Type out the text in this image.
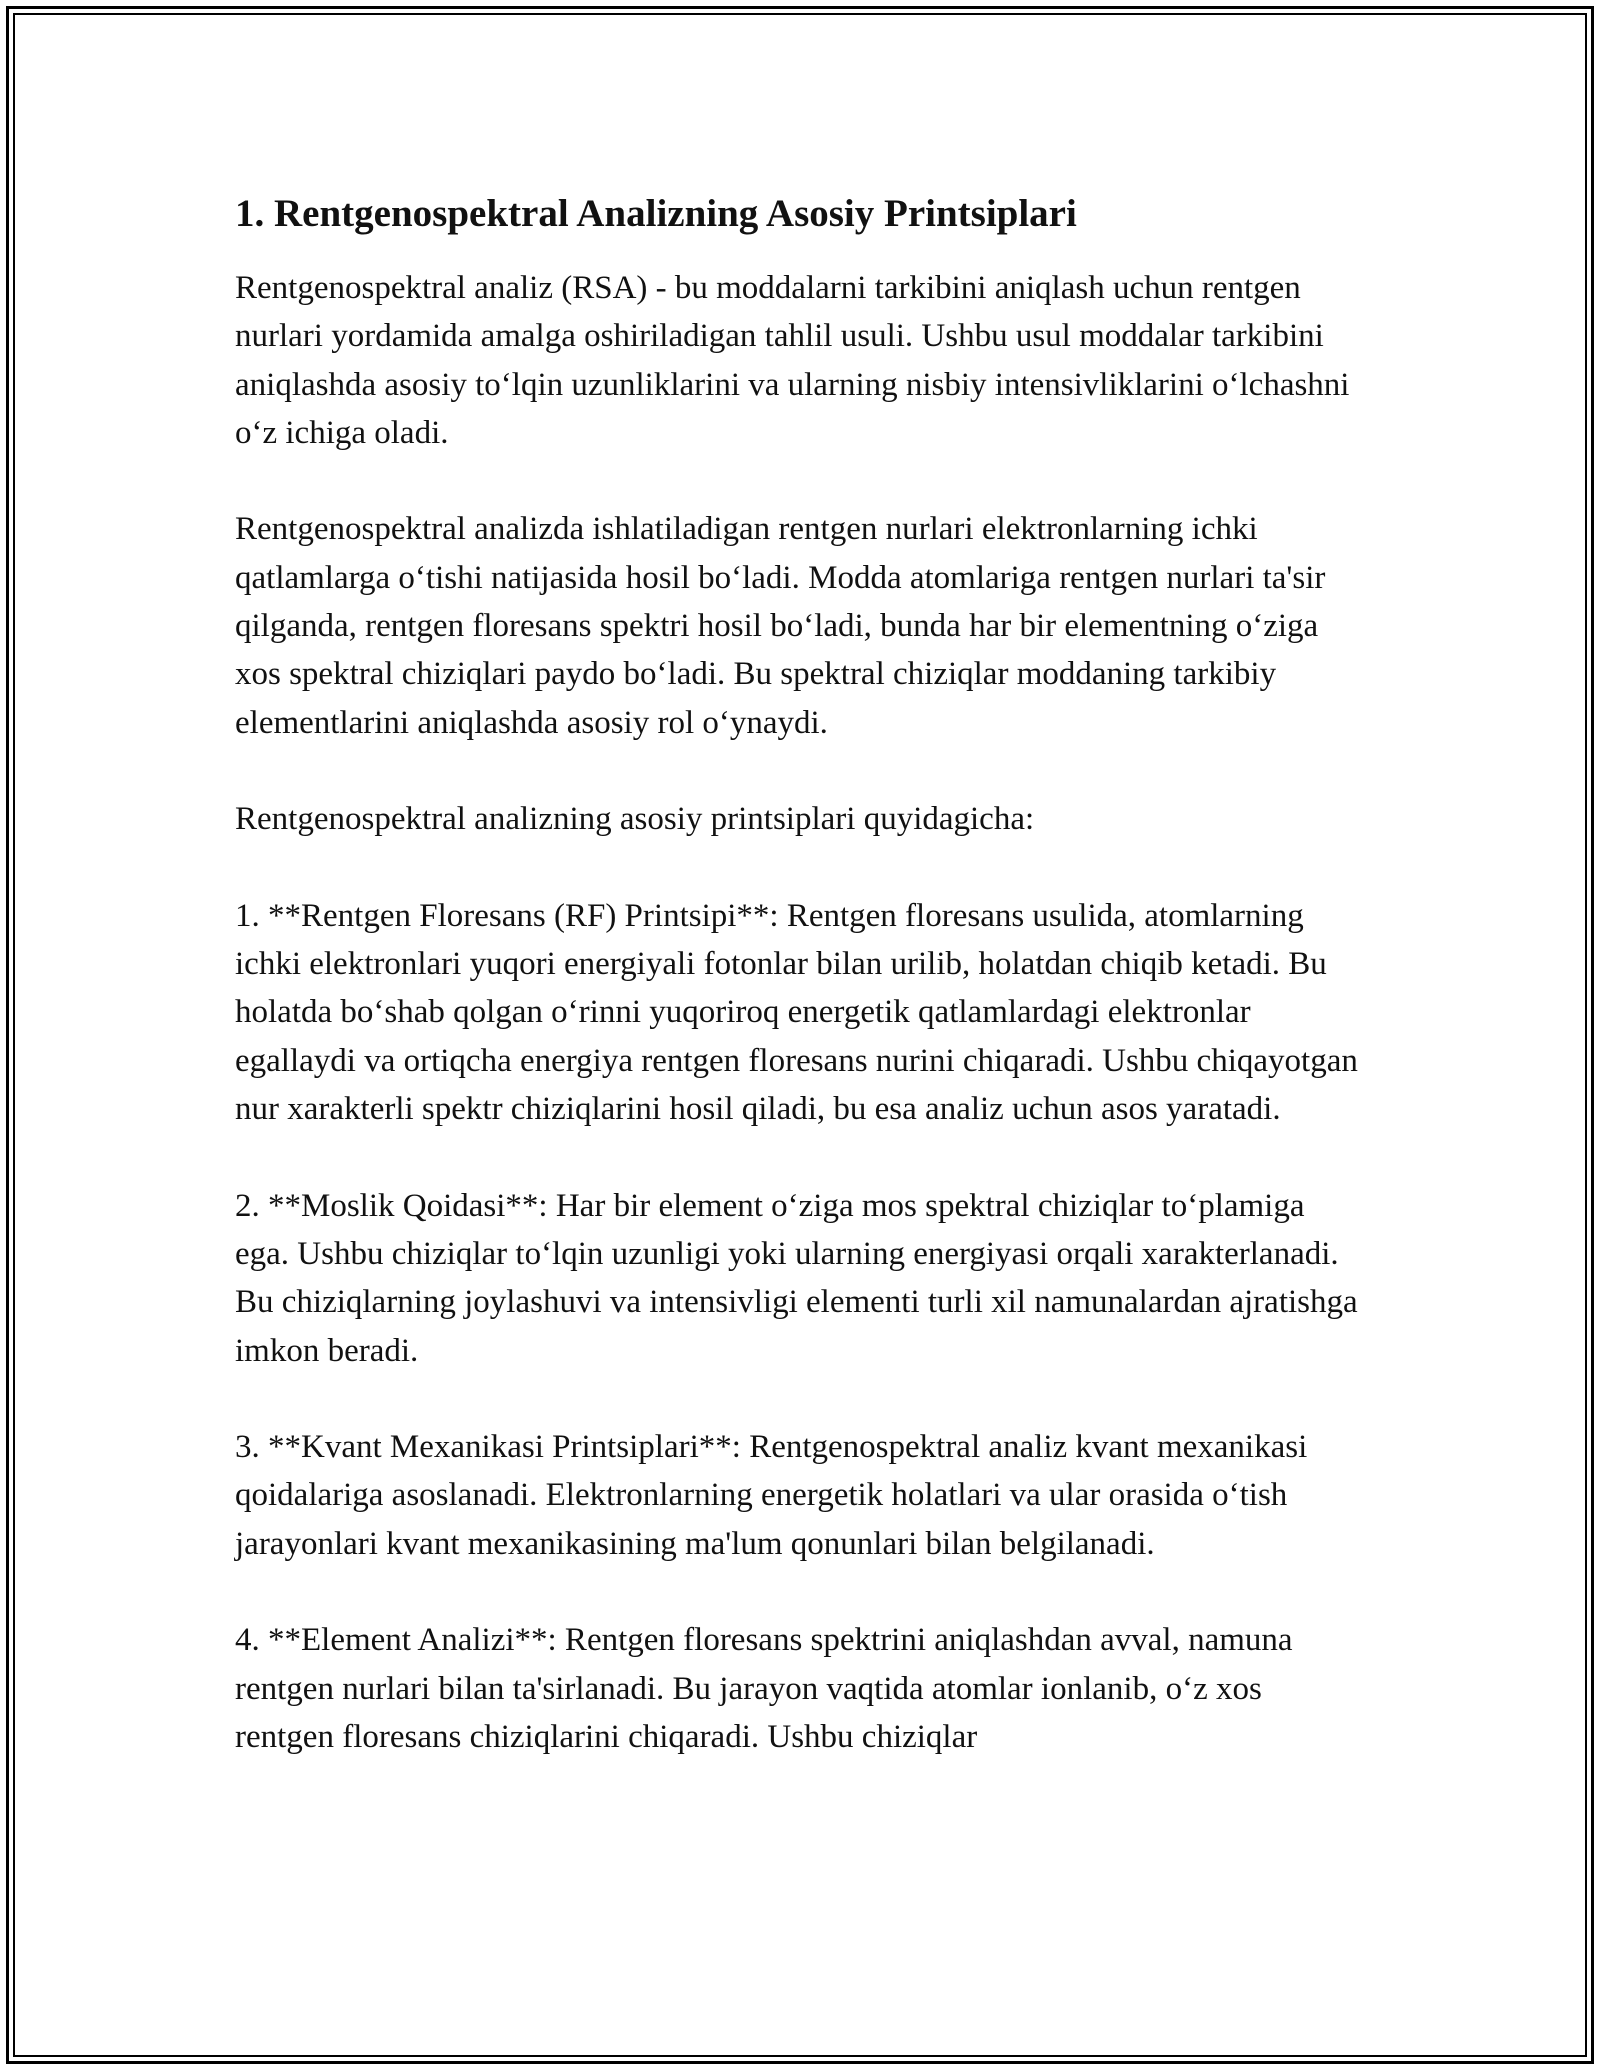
1. Rentgenospektral Analizning Asosiy Printsiplari

Rentgenospektral analiz (RSA) - bu moddalarni tarkibini aniqlash uchun rentgen nurlari yordamida amalga oshiriladigan tahlil usuli. Ushbu usul moddalar tarkibini aniqlashda asosiy to‘lqin uzunliklarini va ularning nisbiy intensivliklarini o‘lchashni o‘z ichiga oladi.

Rentgenospektral analizda ishlatiladigan rentgen nurlari elektronlarning ichki qatlamlarga o‘tishi natijasida hosil bo‘ladi. Modda atomlariga rentgen nurlari ta'sir qilganda, rentgen floresans spektri hosil bo‘ladi, bunda har bir elementning o‘ziga xos spektral chiziqlari paydo bo‘ladi. Bu spektral chiziqlar moddaning tarkibiy elementlarini aniqlashda asosiy rol o‘ynaydi.

Rentgenospektral analizning asosiy printsiplari quyidagicha:

1. **Rentgen Floresans (RF) Printsipi**: Rentgen floresans usulida, atomlarning ichki elektronlari yuqori energiyali fotonlar bilan urilib, holatdan chiqib ketadi. Bu holatda bo‘shab qolgan o‘rinni yuqoriroq energetik qatlamlardagi elektronlar egallaydi va ortiqcha energiya rentgen floresans nurini chiqaradi. Ushbu chiqayotgan nur xarakterli spektr chiziqlarini hosil qiladi, bu esa analiz uchun asos yaratadi.

2. **Moslik Qoidasi**: Har bir element o‘ziga mos spektral chiziqlar to‘plamiga ega. Ushbu chiziqlar to‘lqin uzunligi yoki ularning energiyasi orqali xarakterlanadi. Bu chiziqlarning joylashuvi va intensivligi elementi turli xil namunalardan ajratishga imkon beradi.

3. **Kvant Mexanikasi Printsiplari**: Rentgenospektral analiz kvant mexanikasi qoidalariga asoslanadi. Elektronlarning energetik holatlari va ular orasida o‘tish jarayonlari kvant mexanikasining ma'lum qonunlari bilan belgilanadi.

4. **Element Analizi**: Rentgen floresans spektrini aniqlashdan avval, namuna rentgen nurlari bilan ta'sirlanadi. Bu jarayon vaqtida atomlar ionlanib, o‘z xos rentgen floresans chiziqlarini chiqaradi. Ushbu chiziqlar
